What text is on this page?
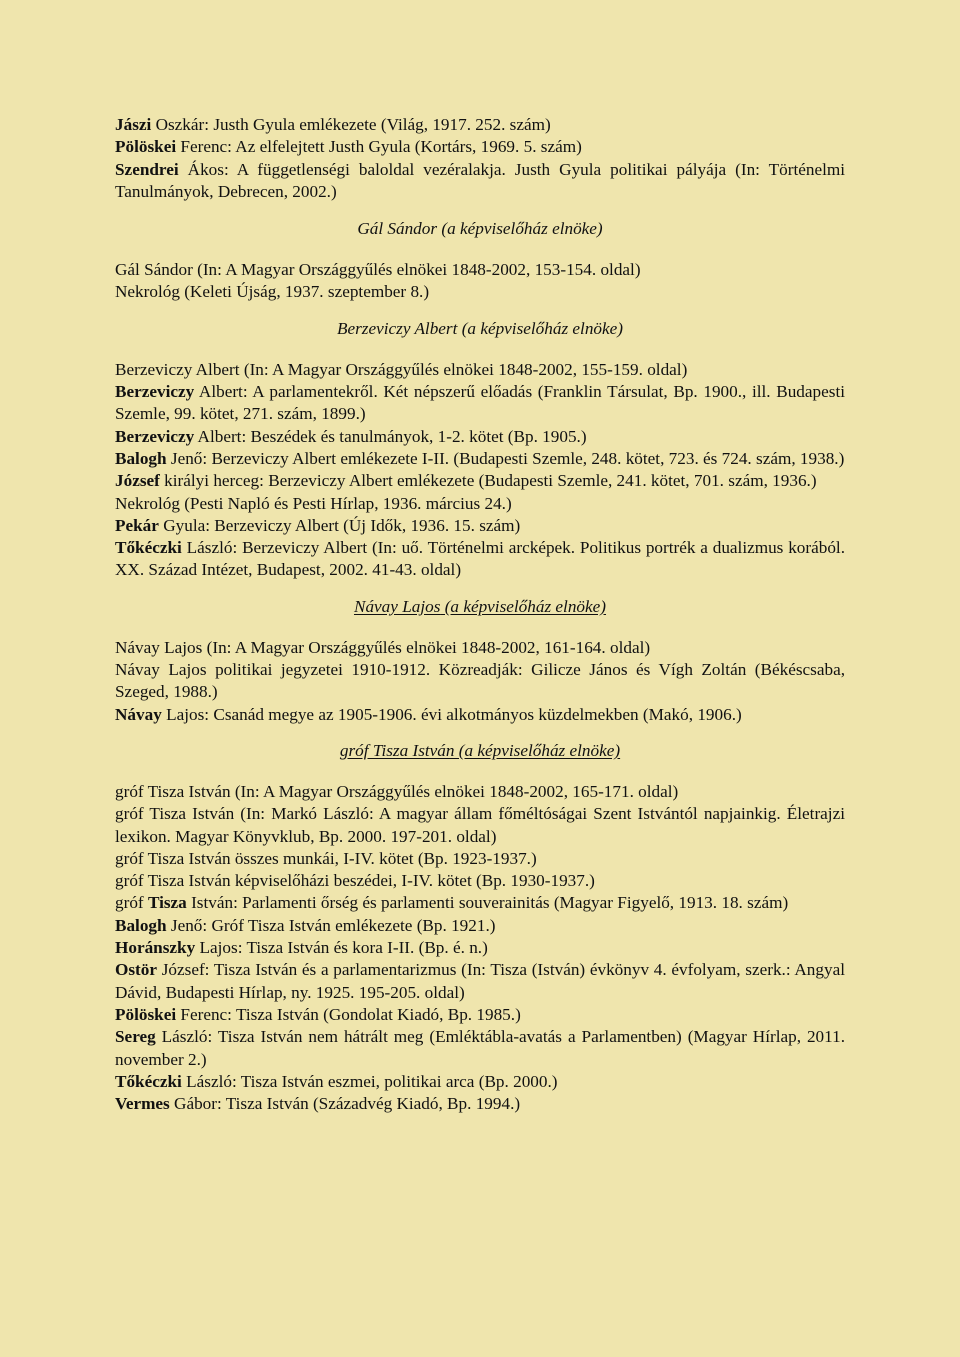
Jászi Oszkár: Justh Gyula emlékezete (Világ, 1917. 252. szám)

Pölöskei Ferenc: Az elfelejtett Justh Gyula (Kortárs, 1969. 5. szám)

Szendrei Ákos: A függetlenségi baloldal vezéralakja. Justh Gyula politikai pályája (In: Történelmi Tanulmányok, Debrecen, 2002.)

Gál Sándor (a képviselőház elnöke)

Gál Sándor (In: A Magyar Országgyűlés elnökei 1848-2002, 153-154. oldal)

Nekrológ (Keleti Újság, 1937. szeptember 8.)

Berzeviczy Albert (a képviselőház elnöke)

Berzeviczy Albert (In: A Magyar Országgyűlés elnökei 1848-2002, 155-159. oldal)

Berzeviczy Albert: A parlamentekről. Két népszerű előadás (Franklin Társulat, Bp. 1900., ill. Budapesti Szemle, 99. kötet, 271. szám, 1899.)

Berzeviczy Albert: Beszédek és tanulmányok, 1-2. kötet (Bp. 1905.)

Balogh Jenő: Berzeviczy Albert emlékezete I-II. (Budapesti Szemle, 248. kötet, 723. és 724. szám, 1938.)

József királyi herceg: Berzeviczy Albert emlékezete (Budapesti Szemle, 241. kötet, 701. szám, 1936.)

Nekrológ (Pesti Napló és Pesti Hírlap, 1936. március 24.)

Pekár Gyula: Berzeviczy Albert (Új Idők, 1936. 15. szám)

Tőkéczki László: Berzeviczy Albert (In: uő. Történelmi arcképek. Politikus portrék a dualizmus korából. XX. Század Intézet, Budapest, 2002. 41-43. oldal)

Návay Lajos (a képviselőház elnöke)

Návay Lajos (In: A Magyar Országgyűlés elnökei 1848-2002, 161-164. oldal)

Návay Lajos politikai jegyzetei 1910-1912. Közreadják: Gilicze János és Vígh Zoltán (Békéscsaba, Szeged, 1988.)

Návay Lajos: Csanád megye az 1905-1906. évi alkotmányos küzdelmekben (Makó, 1906.)

gróf Tisza István (a képviselőház elnöke)

gróf Tisza István (In: A Magyar Országgyűlés elnökei 1848-2002, 165-171. oldal)

gróf Tisza István (In: Markó László: A magyar állam főméltóságai Szent Istvántól napjainkig. Életrajzi lexikon. Magyar Könyvklub, Bp. 2000. 197-201. oldal)

gróf Tisza István összes munkái, I-IV. kötet (Bp. 1923-1937.)

gróf Tisza István képviselőházi beszédei, I-IV. kötet (Bp. 1930-1937.)

gróf Tisza István: Parlamenti őrség és parlamenti souverainitás (Magyar Figyelő, 1913. 18. szám)

Balogh Jenő: Gróf Tisza István emlékezete (Bp. 1921.)

Horánszky Lajos: Tisza István és kora I-II. (Bp. é. n.)

Ostör József: Tisza István és a parlamentarizmus (In: Tisza (István) évkönyv 4. évfolyam, szerk.: Angyal Dávid, Budapesti Hírlap, ny. 1925. 195-205. oldal)

Pölöskei Ferenc: Tisza István (Gondolat Kiadó, Bp. 1985.)

Sereg László: Tisza István nem hátrált meg (Emléktábla-avatás a Parlamentben) (Magyar Hírlap, 2011. november 2.)

Tőkéczki László: Tisza István eszmei, politikai arca (Bp. 2000.)

Vermes Gábor: Tisza István (Századvég Kiadó, Bp. 1994.)
